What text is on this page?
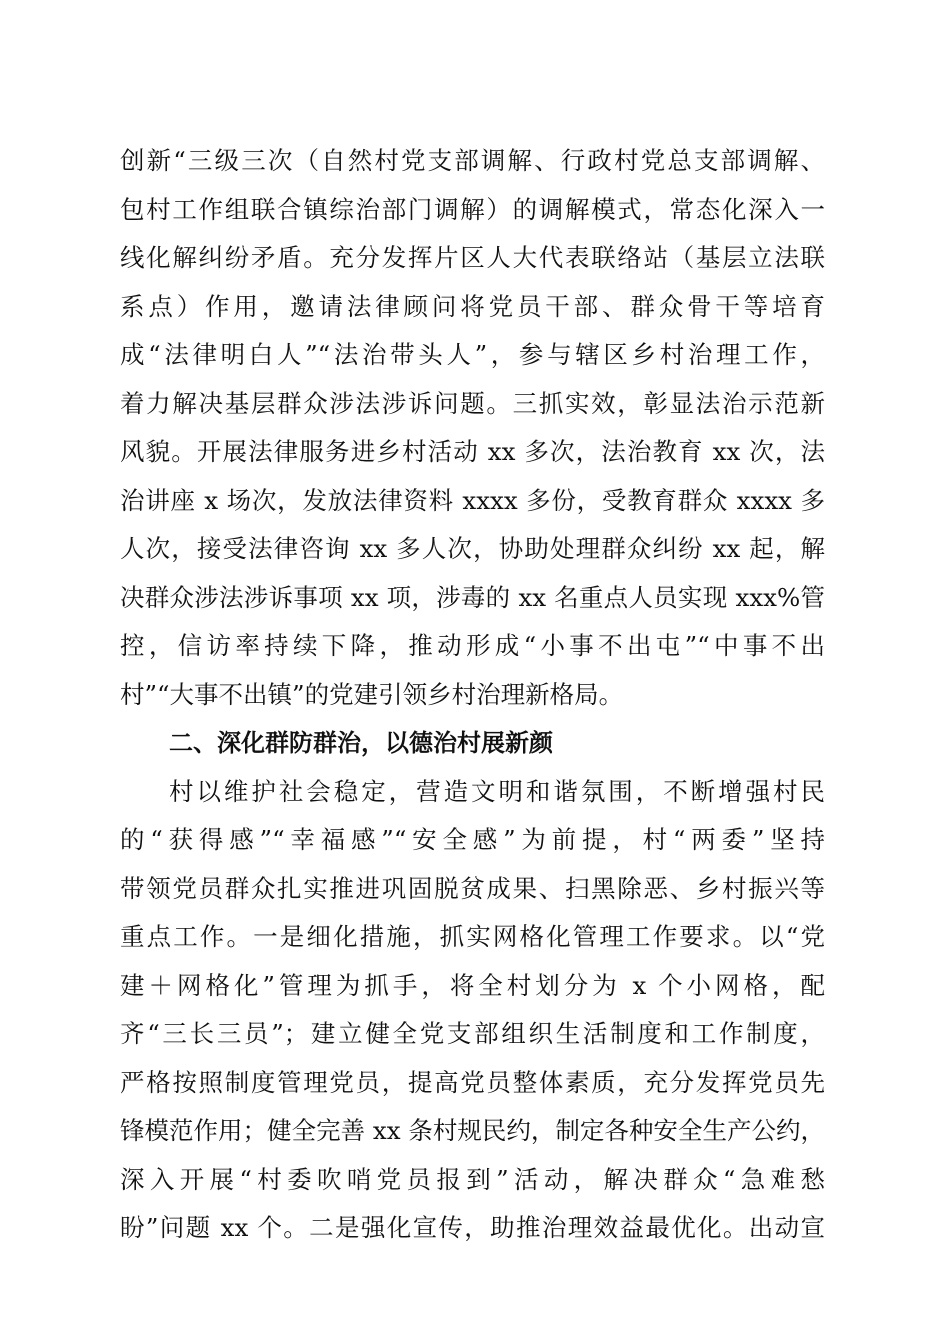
创新“三级三次（自然村党支部调解、行政村党总支部调解、
包村工作组联合镇综治部门调解）的调解模式，常态化深入一
线化解纠纷矛盾。充分发挥片区人大代表联络站（基层立法联
系点）作用，邀请法律顾问将党员干部、群众骨干等培育
成“法律明白人”“法治带头人”，参与辖区乡村治理工作，
着力解决基层群众涉法涉诉问题。三抓实效，彰显法治示范新
风貌。开展法律服务进乡村活动 xx 多次，法治教育 xx 次，法
治讲座 x 场次，发放法律资料 xxxx 多份，受教育群众 xxxx 多
人次，接受法律咨询 xx 多人次，协助处理群众纠纷 xx 起，解
决群众涉法涉诉事项 xx 项，涉毒的 xx 名重点人员实现 xxx%管
控，信访率持续下降，推动形成“小事不出屯”“中事不出
村”“大事不出镇”的党建引领乡村治理新格局。
二、深化群防群治，以德治村展新颜
村以维护社会稳定，营造文明和谐氛围，不断增强村民
的“获得感”“幸福感”“安全感”为前提，村“两委”坚持
带领党员群众扎实推进巩固脱贫成果、扫黑除恶、乡村振兴等
重点工作。一是细化措施，抓实网格化管理工作要求。以“党
建＋网格化”管理为抓手，将全村划分为 x 个小网格，配
齐“三长三员”；建立健全党支部组织生活制度和工作制度，
严格按照制度管理党员，提高党员整体素质，充分发挥党员先
锋模范作用；健全完善 xx 条村规民约，制定各种安全生产公约，
深入开展“村委吹哨党员报到”活动，解决群众“急难愁
盼”问题 xx 个。二是强化宣传，助推治理效益最优化。出动宣
